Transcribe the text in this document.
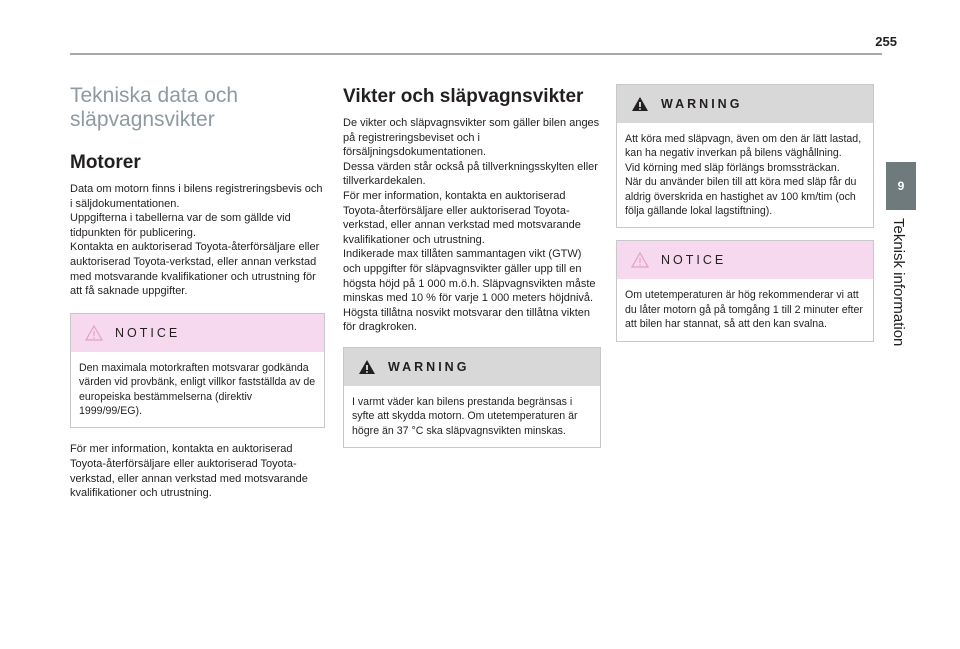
255
9
Teknisk information
Tekniska data och
släpvagnsvikter
Motorer

Data om motorn finns i bilens registreringsbevis och i säljdokumentationen.

Uppgifterna i tabellerna var de som gällde vid tidpunkten för publicering.

Kontakta en auktoriserad Toyota-återförsäljare eller auktoriserad Toyota-verkstad, eller annan verkstad med motsvarande kvalifikationer och utrustning för att få saknade uppgifter.

NOTICE

Den maximala motorkraften motsvarar godkända värden vid provbänk, enligt villkor fastställda av de europeiska bestämmelserna (direktiv 1999/99/EG).

För mer information, kontakta en auktoriserad Toyota-återförsäljare eller auktoriserad Toyota-verkstad, eller annan verkstad med motsvarande kvalifikationer och utrustning.

Vikter och släpvagnsvikter

De vikter och släpvagnsvikter som gäller bilen anges på registreringsbeviset och i försäljningsdokumentationen.

Dessa värden står också på tillverkningsskylten eller tillverkardekalen.

För mer information, kontakta en auktoriserad Toyota-återförsäljare eller auktoriserad Toyota-verkstad, eller annan verkstad med motsvarande kvalifikationer och utrustning.

Indikerade max tillåten sammantagen vikt (GTW) och uppgifter för släpvagnsvikter gäller upp till en högsta höjd på 1 000 m.ö.h. Släpvagnsvikten måste minskas med 10 % för varje 1 000 meters höjdnivå.

Högsta tillåtna nosvikt motsvarar den tillåtna vikten för dragkroken.

WARNING

I varmt väder kan bilens prestanda begränsas i syfte att skydda motorn. Om utetemperaturen är högre än 37 °C ska släpvagnsvikten minskas.

WARNING

Att köra med släpvagn, även om den är lätt lastad, kan ha negativ inverkan på bilens väghållning.

Vid körning med släp förlängs bromssträckan.

När du använder bilen till att köra med släp får du aldrig överskrida en hastighet av 100 km/tim (och följa gällande lokal lagstiftning).

NOTICE

Om utetemperaturen är hög rekommenderar vi att du låter motorn gå på tomgång 1 till 2 minuter efter att bilen har stannat, så att den kan svalna.
